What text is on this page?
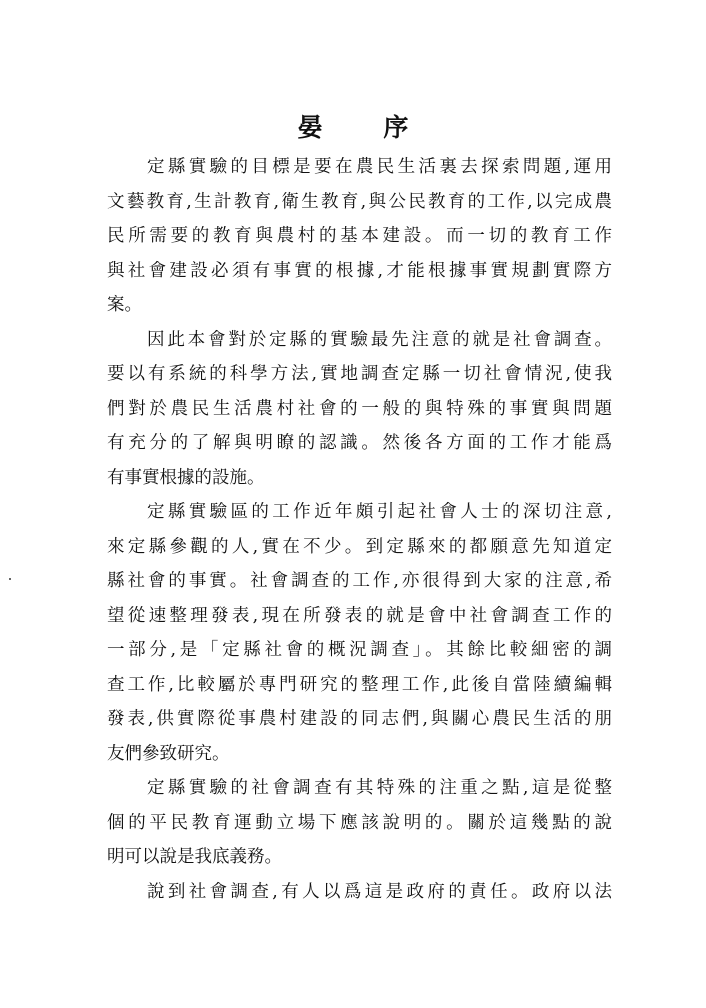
晏 序
定縣實驗的目標是要在農民生活裏去探索問題,運用
文藝教育,生計教育,衛生教育,與公民教育的工作,以完成農
民所需要的教育與農村的基本建設。而一切的教育工作
與社會建設必須有事實的根據,才能根據事實規劃實際方
案。
因此本會對於定縣的實驗最先注意的就是社會調查。
要以有系統的科學方法,實地調查定縣一切社會情況,使我
們對於農民生活農村社會的一般的與特殊的事實與問題
有充分的了解與明瞭的認識。然後各方面的工作才能爲
有事實根據的設施。
定縣實驗區的工作近年頗引起社會人士的深切注意,
來定縣參觀的人,實在不少。到定縣來的都願意先知道定
縣社會的事實。社會調查的工作,亦很得到大家的注意,希
望從速整理發表,現在所發表的就是會中社會調查工作的
一部分,是「定縣社會的概況調查」。其餘比較細密的調
查工作,比較屬於專門研究的整理工作,此後自當陸續編輯
發表,供實際從事農村建設的同志們,與關心農民生活的朋
友們參致研究。
定縣實驗的社會調查有其特殊的注重之點,這是從整
個的平民教育運動立場下應該說明的。關於這幾點的說
明可以說是我底義務。
說到社會調查,有人以爲這是政府的責任。政府以法
